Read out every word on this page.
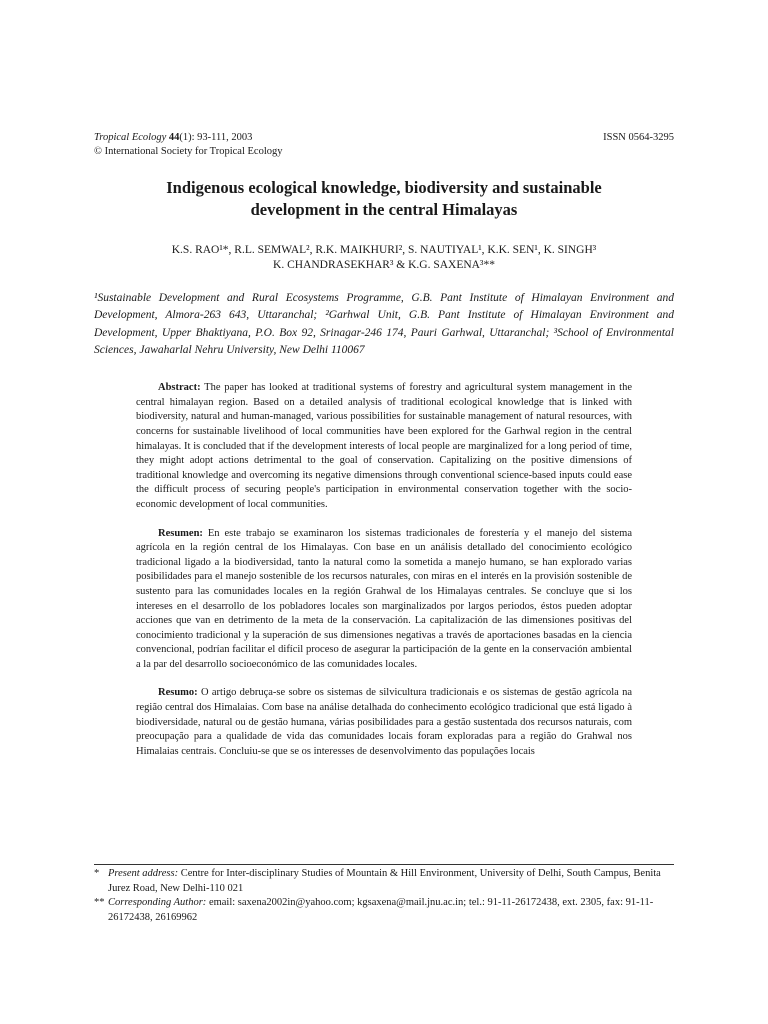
Tropical Ecology 44(1): 93-111, 2003
© International Society for Tropical Ecology
ISSN 0564-3295
Indigenous ecological knowledge, biodiversity and sustainable development in the central Himalayas
K.S. RAO¹*, R.L. SEMWAL², R.K. MAIKHURI², S. NAUTIYAL¹, K.K. SEN¹, K. SINGH³
K. CHANDRASEKHAR³ & K.G. SAXENA³**
¹Sustainable Development and Rural Ecosystems Programme, G.B. Pant Institute of Himalayan Environment and Development, Almora-263 643, Uttaranchal; ²Garhwal Unit, G.B. Pant Institute of Himalayan Environment and Development, Upper Bhaktiyana, P.O. Box 92, Srinagar-246 174, Pauri Garhwal, Uttaranchal; ³School of Environmental Sciences, Jawaharlal Nehru University, New Delhi 110067

Abstract: The paper has looked at traditional systems of forestry and agricultural system management in the central himalayan region. Based on a detailed analysis of traditional ecological knowledge that is linked with biodiversity, natural and human-managed, various possibilities for sustainable management of natural resources, with concerns for sustainable livelihood of local communities have been explored for the Garhwal region in the central himalayas. It is concluded that if the development interests of local people are marginalized for a long period of time, they might adopt actions detrimental to the goal of conservation. Capitalizing on the positive dimensions of traditional knowledge and overcoming its negative dimensions through conventional science-based inputs could ease the difficult process of securing people's participation in environmental conservation together with the socio-economic development of local communities.

Resumen: En este trabajo se examinaron los sistemas tradicionales de forestería y el manejo del sistema agrícola en la región central de los Himalayas. Con base en un análisis detallado del conocimiento ecológico tradicional ligado a la biodiversidad, tanto la natural como la sometida a manejo humano, se han explorado varias posibilidades para el manejo sostenible de los recursos naturales, con miras en el interés en la provisión sostenible de sustento para las comunidades locales en la región Grahwal de los Himalayas centrales. Se concluye que si los intereses en el desarrollo de los pobladores locales son marginalizados por largos periodos, éstos pueden adoptar acciones que van en detrimento de la meta de la conservación. La capitalización de las dimensiones positivas del conocimiento tradicional y la superación de sus dimensiones negativas a través de aportaciones basadas en la ciencia convencional, podrían facilitar el difícil proceso de asegurar la participación de la gente en la conservación ambiental a la par del desarrollo socioeconómico de las comunidades locales.

Resumo: O artigo debruça-se sobre os sistemas de silvicultura tradicionais e os sistemas de gestão agrícola na região central dos Himalaias. Com base na análise detalhada do conhecimento ecológico tradicional que está ligado à biodiversidade, natural ou de gestão humana, várias posibilidades para a gestão sustentada dos recursos naturais, com preocupação para a qualidade de vida das comunidades locais foram exploradas para a região do Grahwal nos Himalaias centrais. Concluiu-se que se os interesses de desenvolvimento das populações locais

* Present address: Centre for Inter-disciplinary Studies of Mountain & Hill Environment, University of Delhi, South Campus, Benita Jurez Road, New Delhi-110 021
** Corresponding Author: email: saxena2002in@yahoo.com; kgsaxena@mail.jnu.ac.in; tel.: 91-11-26172438, ext. 2305, fax: 91-11-26172438, 26169962
